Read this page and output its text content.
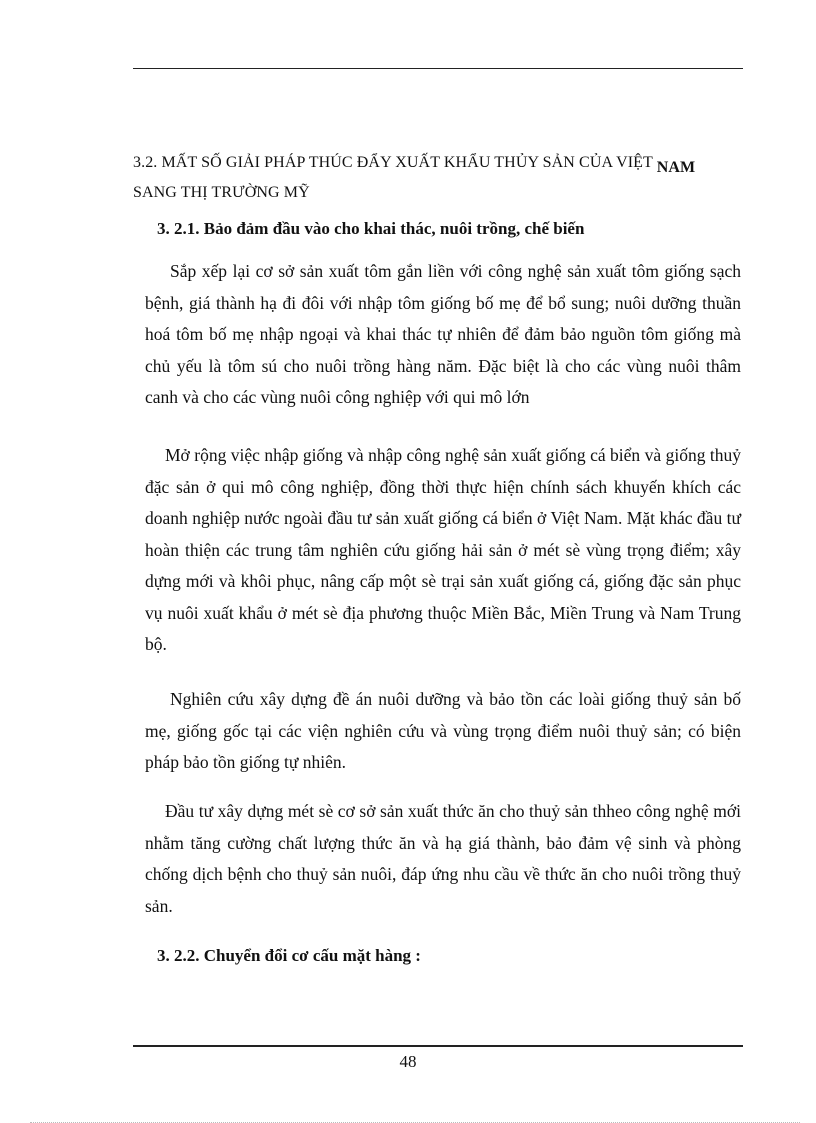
3.2. MẤT SỐ GIẢI PHÁP THÚC ĐẨY XUẤT KHẨU THỦY SẢN CỦA VIỆT NAM
SANG THỊ TRƯỜNG MỸ
3. 2.1. Bảo đảm đầu vào cho khai thác, nuôi trồng, chế biến

Sắp xếp lại cơ sở sản xuất tôm gắn liền với công nghệ sản xuất tôm giống sạch bệnh, giá thành hạ đi đôi với nhập tôm giống bố mẹ để bổ sung; nuôi dưỡng thuần hoá tôm bố mẹ nhập ngoại và khai thác tự nhiên để đảm bảo nguồn tôm giống mà chủ yếu là tôm sú cho nuôi trồng hàng năm. Đặc biệt là cho các vùng nuôi thâm canh và cho các vùng nuôi công nghiệp với qui mô lớn

Mở rộng việc nhập giống và nhập công nghệ sản xuất giống cá biển và giống thuỷ đặc sản ở qui mô công nghiệp, đồng thời thực hiện chính sách khuyến khích các doanh nghiệp nước ngoài đầu tư sản xuất giống cá biển ở Việt Nam. Mặt khác đầu tư hoàn thiện các trung tâm nghiên cứu giống hải sản ở mét sè vùng trọng điểm; xây dựng mới và khôi phục, nâng cấp một sè trại sản xuất giống cá, giống đặc sản phục vụ nuôi xuất khẩu ở mét sè địa phương thuộc Miền Bắc, Miền Trung và Nam Trung bộ.

Nghiên cứu xây dựng đề án nuôi dưỡng và bảo tồn các loài giống thuỷ sản bố mẹ, giống gốc tại các viện nghiên cứu và vùng trọng điểm nuôi thuỷ sản; có biện pháp bảo tồn giống tự nhiên.

Đầu tư xây dựng mét sè cơ sở sản xuất thức ăn cho thuỷ sản thheo công nghệ mới nhằm tăng cường chất lượng thức ăn và hạ giá thành, bảo đảm vệ sinh và phòng chống dịch bệnh cho thuỷ sản nuôi, đáp ứng nhu cầu về thức ăn cho nuôi trồng thuỷ sản.

3. 2.2. Chuyển đổi cơ cấu mặt hàng :
48
